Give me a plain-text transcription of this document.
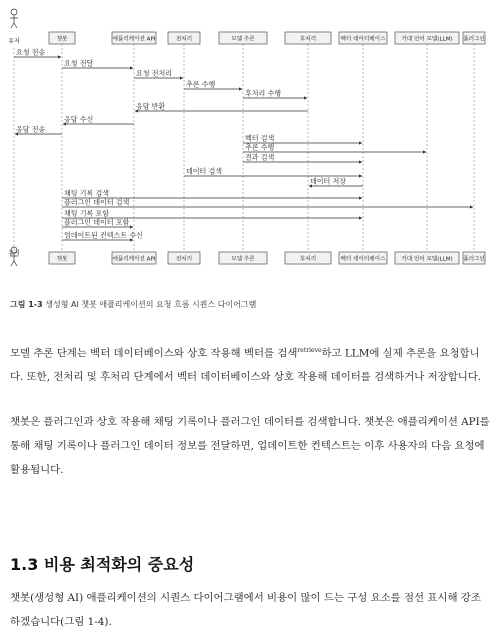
챗봇
챗봇
애플리케이션 API
애플리케이션 API
전처리
전처리
모델 추론
모델 추론
후처리
후처리
벡터 데이터베이스
벡터 데이터베이스
거대 언어 모델(LLM)
거대 언어 모델(LLM)
플러그인
플러그인
요청 전송
요청 전달
요청 전처리
추론 수행
후처리 수행
응답 반환
응답 수신
응답 전송
벡터 검색
추론 수행
결과 검색
데이터 검색
데이터 저장
채팅 기록 검색
플러그인 데이터 검색
채팅 기록 포함
플러그인 데이터 포함
업데이트된 컨텍스트 수신
유저
유저
그림 1-3 생성형 AI 챗봇 애플리케이션의 요청 흐름 시퀀스 다이어그램
모델 추론 단계는 벡터 데이터베이스와 상호 작용해 벡터를 검색$^{retrieve}$하고 LLM에 실제 추론을 요청합니다. 또한, 전처리 및 후처리 단계에서 벡터 데이터베이스와 상호 작용해 데이터를 검색하거나 저장합니다.
챗봇은 플러그인과 상호 작용해 채팅 기록이나 플러그인 데이터를 검색합니다. 챗봇은 애플리케이션 API를 통해 채팅 기록이나 플러그인 데이터 정보를 전달하면, 업데이트한 컨텍스트는 이후 사용자의 다음 요청에 활용됩니다.
1.3 비용 최적화의 중요성
챗봇(생성형 AI) 애플리케이션의 시퀀스 다이어그램에서 비용이 많이 드는 구성 요소를 점선 표시해 강조하겠습니다(그림 1-4).
